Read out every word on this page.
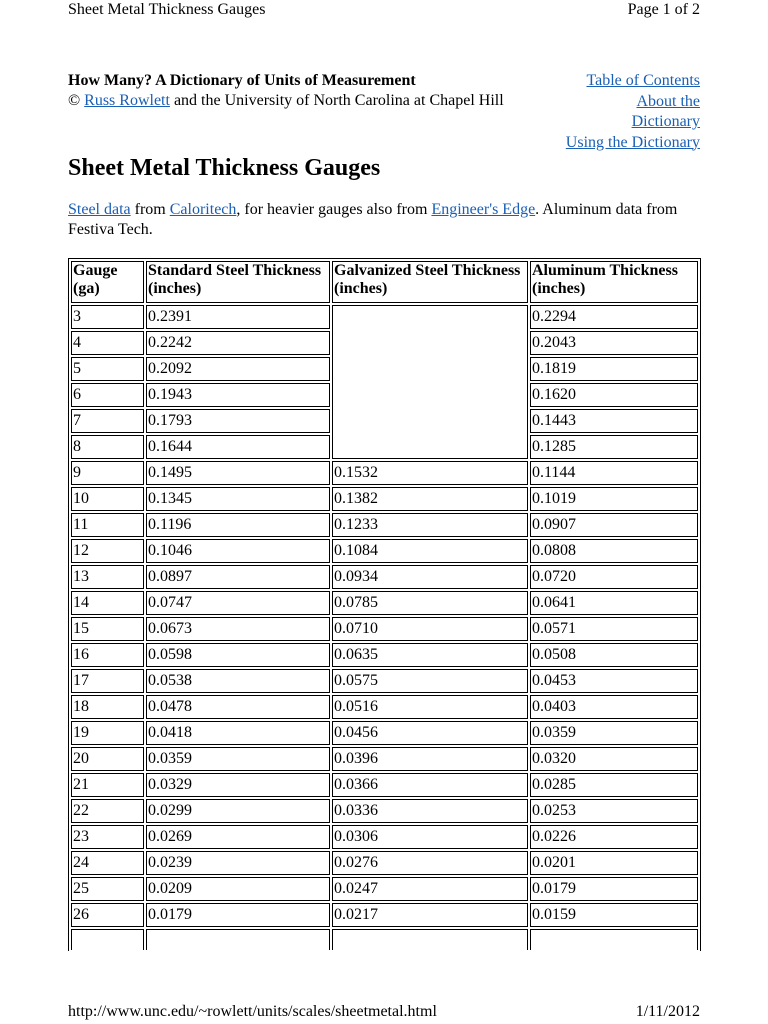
Sheet Metal Thickness Gauges	Page 1 of 2
How Many? A Dictionary of Units of Measurement
© Russ Rowlett and the University of North Carolina at Chapel Hill
Table of Contents
About the
Dictionary
Using the Dictionary
Sheet Metal Thickness Gauges
Steel data from Caloritech, for heavier gauges also from Engineer's Edge. Aluminum data from Festiva Tech.
Gauge (ga)	Standard Steel Thickness (inches)	Galvanized Steel Thickness (inches)	Aluminum Thickness (inches)
3	0.2391		0.2294
4	0.2242		0.2043
5	0.2092		0.1819
6	0.1943		0.1620
7	0.1793		0.1443
8	0.1644		0.1285
9	0.1495	0.1532	0.1144
10	0.1345	0.1382	0.1019
11	0.1196	0.1233	0.0907
12	0.1046	0.1084	0.0808
13	0.0897	0.0934	0.0720
14	0.0747	0.0785	0.0641
15	0.0673	0.0710	0.0571
16	0.0598	0.0635	0.0508
17	0.0538	0.0575	0.0453
18	0.0478	0.0516	0.0403
19	0.0418	0.0456	0.0359
20	0.0359	0.0396	0.0320
21	0.0329	0.0366	0.0285
22	0.0299	0.0336	0.0253
23	0.0269	0.0306	0.0226
24	0.0239	0.0276	0.0201
25	0.0209	0.0247	0.0179
26	0.0179	0.0217	0.0159

http://www.unc.edu/~rowlett/units/scales/sheetmetal.html	1/11/2012
